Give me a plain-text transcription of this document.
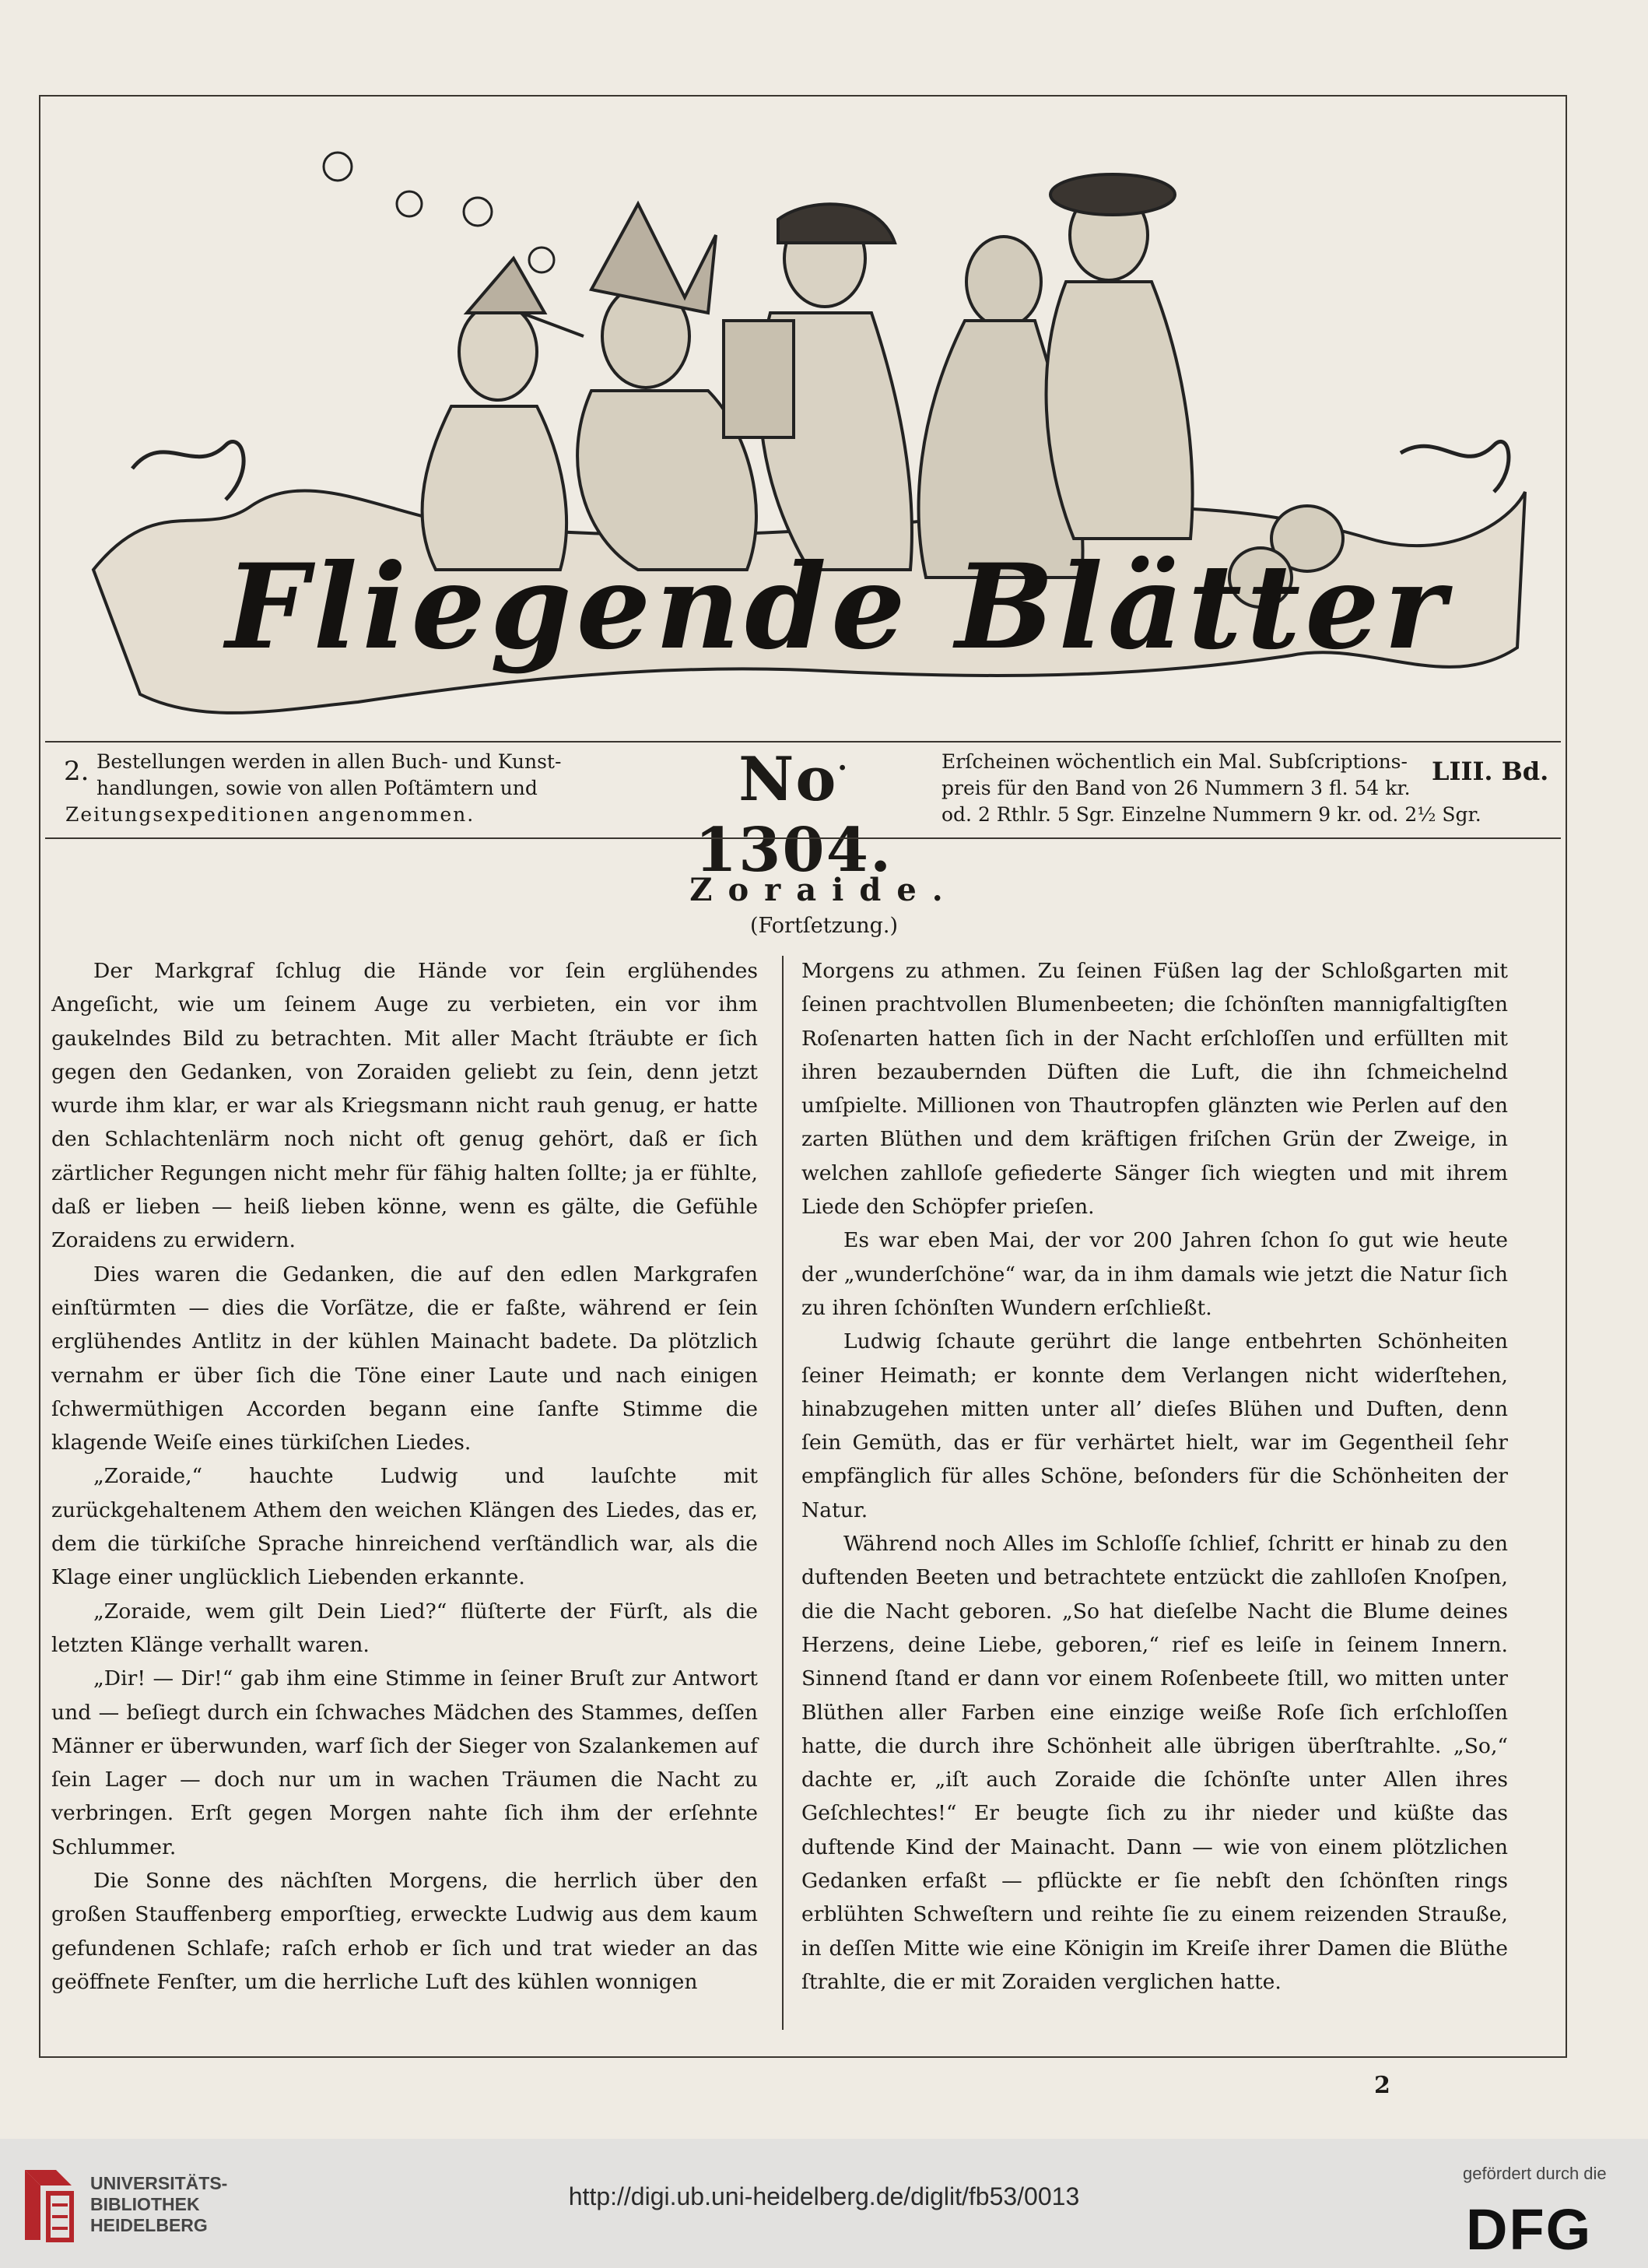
Fliegende Blätter
2. Bestellungen werden in allen Buch- und Kunst-
handlungen, sowie von allen Poſtämtern und	No. 1304.
Erſcheinen wöchentlich ein Mal. Subſcriptions-
preis für den Band von 26 Nummern 3 fl. 54 kr.
LIII. Bd.
Zeitungsexpeditionen angenommen.	od. 2 Rthlr. 5 Sgr. Einzelne Nummern 9 kr. od. 2½ Sgr.
Zoraide.
(Fortſetzung.)

Der Markgraf ſchlug die Hände vor ſein erglühendes Angeſicht, wie um ſeinem Auge zu verbieten, ein vor ihm gaukelndes Bild zu betrachten. Mit aller Macht ſträubte er ſich gegen den Gedanken, von Zoraiden geliebt zu ſein, denn jetzt wurde ihm klar, er war als Kriegsmann nicht rauh genug, er hatte den Schlachtenlärm noch nicht oft genug gehört, daß er ſich zärtlicher Regungen nicht mehr für fähig halten ſollte; ja er fühlte, daß er lieben — heiß lieben könne, wenn es gälte, die Gefühle Zoraidens zu erwidern.

Dies waren die Gedanken, die auf den edlen Markgrafen einſtürmten — dies die Vorſätze, die er faßte, während er ſein erglühendes Antlitz in der kühlen Mainacht badete. Da plötzlich vernahm er über ſich die Töne einer Laute und nach einigen ſchwermüthigen Accorden begann eine ſanfte Stimme die klagende Weiſe eines türkiſchen Liedes.

„Zoraide,“ hauchte Ludwig und lauſchte mit zurückgehaltenem Athem den weichen Klängen des Liedes, das er, dem die türkiſche Sprache hinreichend verſtändlich war, als die Klage einer unglücklich Liebenden erkannte.

„Zoraide, wem gilt Dein Lied?“ flüſterte der Fürſt, als die letzten Klänge verhallt waren.

„Dir! — Dir!“ gab ihm eine Stimme in ſeiner Bruſt zur Antwort und — beſiegt durch ein ſchwaches Mädchen des Stammes, deſſen Männer er überwunden, warf ſich der Sieger von Szalankemen auf ſein Lager — doch nur um in wachen Träumen die Nacht zu verbringen. Erſt gegen Morgen nahte ſich ihm der erſehnte Schlummer.

Die Sonne des nächſten Morgens, die herrlich über den großen Stauffenberg emporſtieg, erweckte Ludwig aus dem kaum gefundenen Schlafe; raſch erhob er ſich und trat wieder an das geöffnete Fenſter, um die herrliche Luft des kühlen wonnigen

Morgens zu athmen. Zu ſeinen Füßen lag der Schloßgarten mit ſeinen prachtvollen Blumenbeeten; die ſchönſten mannigfaltigſten Roſenarten hatten ſich in der Nacht erſchloſſen und erfüllten mit ihren bezaubernden Düften die Luft, die ihn ſchmeichelnd umſpielte. Millionen von Thautropfen glänzten wie Perlen auf den zarten Blüthen und dem kräftigen friſchen Grün der Zweige, in welchen zahlloſe gefiederte Sänger ſich wiegten und mit ihrem Liede den Schöpfer prieſen.

Es war eben Mai, der vor 200 Jahren ſchon ſo gut wie heute der „wunderſchöne“ war, da in ihm damals wie jetzt die Natur ſich zu ihren ſchönſten Wundern erſchließt.

Ludwig ſchaute gerührt die lange entbehrten Schönheiten ſeiner Heimath; er konnte dem Verlangen nicht widerſtehen, hinabzugehen mitten unter all’ dieſes Blühen und Duften, denn ſein Gemüth, das er für verhärtet hielt, war im Gegentheil ſehr empfänglich für alles Schöne, beſonders für die Schönheiten der Natur.

Während noch Alles im Schloſſe ſchlief, ſchritt er hinab zu den duftenden Beeten und betrachtete entzückt die zahlloſen Knoſpen, die die Nacht geboren. „So hat dieſelbe Nacht die Blume deines Herzens, deine Liebe, geboren,“ rief es leiſe in ſeinem Innern. Sinnend ſtand er dann vor einem Roſenbeete ſtill, wo mitten unter Blüthen aller Farben eine einzige weiße Roſe ſich erſchloſſen hatte, die durch ihre Schönheit alle übrigen überſtrahlte. „So,“ dachte er, „iſt auch Zoraide die ſchönſte unter Allen ihres Geſchlechtes!“ Er beugte ſich zu ihr nieder und küßte das duftende Kind der Mainacht. Dann — wie von einem plötzlichen Gedanken erfaßt — pflückte er ſie nebſt den ſchönſten rings erblühten Schweſtern und reihte ſie zu einem reizenden Strauße, in deſſen Mitte wie eine Königin im Kreiſe ihrer Damen die Blüthe ſtrahlte, die er mit Zoraiden verglichen hatte.

2
UNIVERSITÄTS-
BIBLIOTHEK
HEIDELBERG
http://digi.ub.uni-heidelberg.de/diglit/fb53/0013
gefördert durch die
DFG
